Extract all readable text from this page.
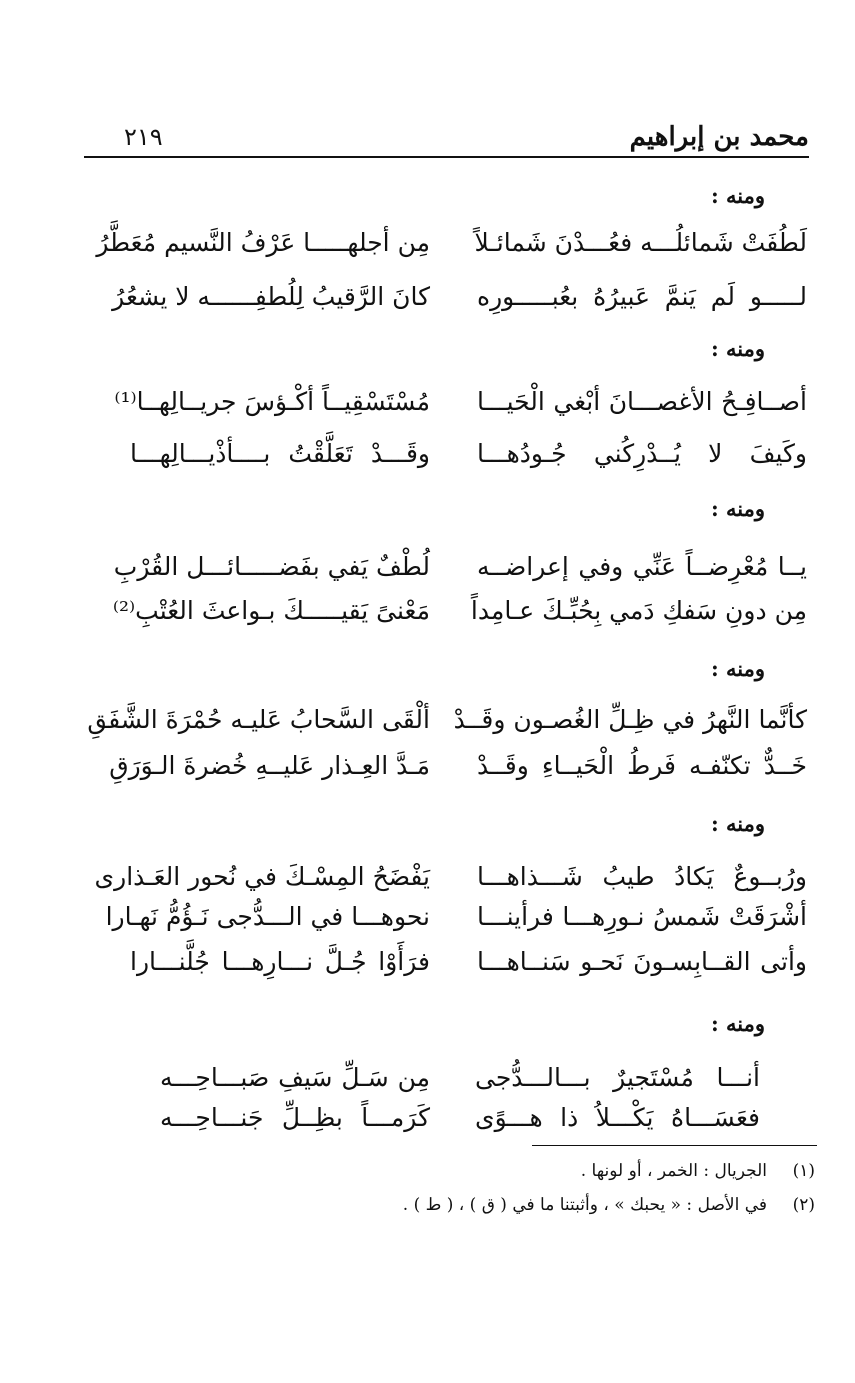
محمد بن إبراهيم
٢١٩
ومنه :
لَطُفَتْ شَمائلُـــه فعُـــدْنَ شَمائـلاً
مِن أجلهـــــا عَرْفُ النَّسيم مُعَطَّرُ
لـــــو لَم يَنمَّ عَبيرُهُ بعُبـــــورِه
كانَ الرَّقيبُ لِلُطفِــــــه لا يشعُرُ
ومنه :
أصــافِـحُ الأغصـــانَ أبْغي الْحَيـــا
مُسْتَسْقِيــاً أكْـؤسَ جريــالِهــا⁽¹⁾
وكَيفَ لا يُــدْرِكُني جُـودُهـــا
وقَـــدْ تَعَلَّقْتُ بــــأذْيـــالِهـــا
ومنه :
يــا مُعْرِضــاً عَنِّي وفي إعراضــه
لُطْفٌ يَفي بفَضـــــائـــل القُرْبِ
مِن دونِ سَفكِ دَمي بِحُبِّـكَ عـامِداً
مَعْنىً يَقيـــــكَ بـواعثَ العُتْبِ⁽²⁾
ومنه :
كأنَّما النَّهرُ في ظِـلِّ الغُصـون وقَــدْ
ألْقَى السَّحابُ عَليـه حُمْرَةَ الشَّفَقِ
خَــدٌّ تكنّفـه فَرطُ الْحَيــاءِ وقَــدْ
مَـدَّ العِـذار عَليــهِ خُضرةَ الـوَرَقِ
ومنه :
ورُبــوعٌ يَكادُ طيبُ شَـــذاهـــا
يَفْضَحُ المِسْـكَ في نُحور العَـذارى
أشْرَقَتْ شَمسُ نـورِهـــا فرأينـــا
نحوهـــا في الـــدُّجى نَـؤُمُّ نَهـارا
وأتى القــابِسـونَ نَحـو سَنــاهـــا
فرَأَوْا جُـلَّ نـــارِهـــا جُلَّنـــارا
ومنه :
أنـــا مُسْتَجيرٌ بـــالـــدُّجى
مِن سَـلِّ سَيفِ صَبـــاحِـــه
فعَسَـــاهُ يَكْـــلاُ ذا هـــوًى
كَرَمـــاً بظِــلِّ جَنـــاحِـــه
(١)الجريال : الخمر ، أو لونها .
(٢)في الأصل : « يحبك » ، وأثبتنا ما في ( ق ) ، ( ط ) .
